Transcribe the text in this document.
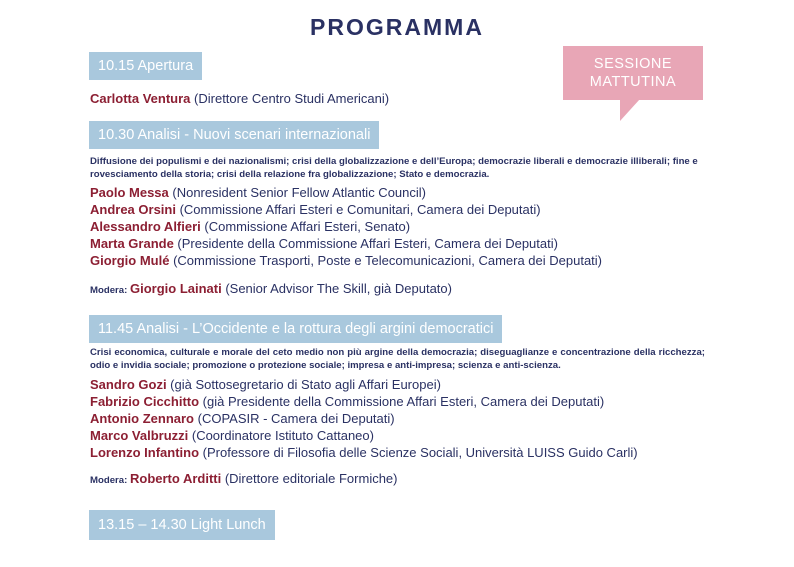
PROGRAMMA
SESSIONE
MATTUTINA
10.15 Apertura
Carlotta Ventura (Direttore Centro Studi Americani)
10.30 Analisi - Nuovi scenari internazionali
Diffusione dei populismi e dei nazionalismi; crisi della globalizzazione e dell’Europa; democrazie liberali e democrazie illiberali; fine e rovesciamento della storia; crisi della relazione fra globalizzazione; Stato e democrazia.
Paolo Messa (Nonresident Senior Fellow Atlantic Council)
Andrea Orsini (Commissione Affari Esteri e Comunitari, Camera dei Deputati)
Alessandro Alfieri (Commissione Affari Esteri, Senato)
Marta Grande (Presidente della Commissione Affari Esteri, Camera dei Deputati)
Giorgio Mulé (Commissione Trasporti, Poste e Telecomunicazioni, Camera dei Deputati)
Modera: Giorgio Lainati (Senior Advisor The Skill, già Deputato)
11.45 Analisi - L’Occidente e la rottura degli argini democratici
Crisi economica, culturale e morale del ceto medio non più argine della democrazia; diseguaglianze e concentrazione della ricchezza; odio e invidia sociale; promozione o protezione sociale; impresa e anti-impresa; scienza e anti-scienza.
Sandro Gozi (già Sottosegretario di Stato agli Affari Europei)
Fabrizio Cicchitto (già Presidente della Commissione Affari Esteri, Camera dei Deputati)
Antonio Zennaro (COPASIR - Camera dei Deputati)
Marco Valbruzzi (Coordinatore Istituto Cattaneo)
Lorenzo Infantino (Professore di Filosofia delle Scienze Sociali, Università LUISS Guido Carli)
Modera: Roberto Arditti (Direttore editoriale Formiche)
13.15 – 14.30 Light Lunch
